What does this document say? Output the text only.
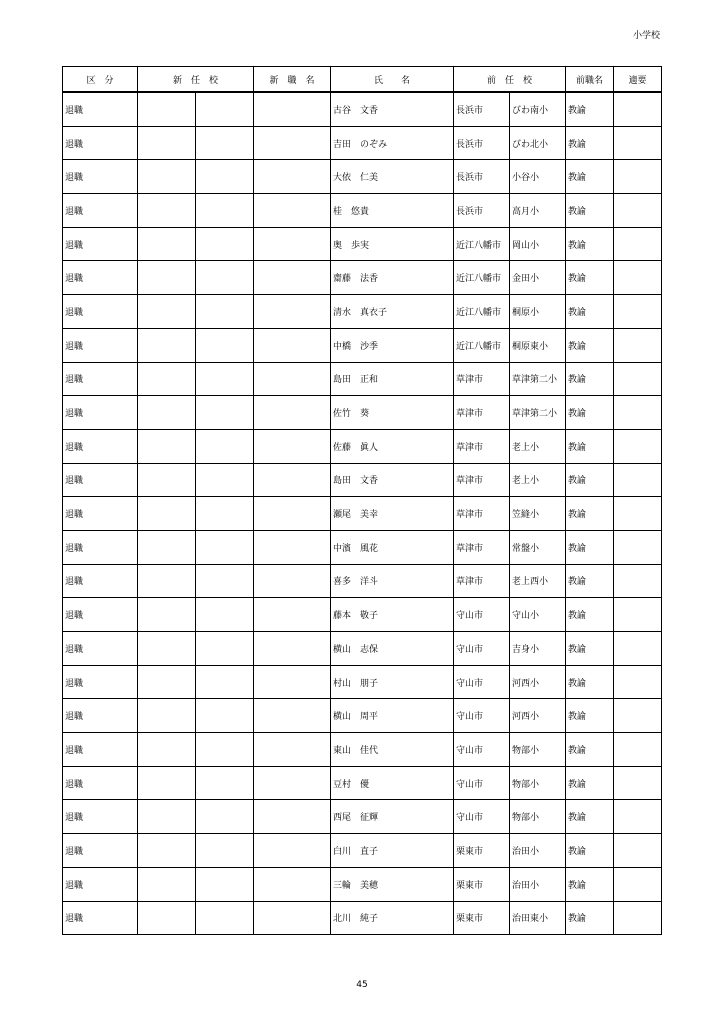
小学校
区　分	新　任　校		新　職　名	氏　　名	前　任　校		前職名	適要
退職				古谷　文香	長浜市	びわ南小	教諭	
退職				吉田　のぞみ	長浜市	びわ北小	教諭	
退職				大依　仁美	長浜市	小谷小	教諭	
退職				桂　悠貴	長浜市	高月小	教諭	
退職				奥　歩実	近江八幡市	岡山小	教諭	
退職				齋藤　法香	近江八幡市	金田小	教諭	
退職				清水　真衣子	近江八幡市	桐原小	教諭	
退職				中橋　沙季	近江八幡市	桐原東小	教諭	
退職				島田　正和	草津市	草津第二小	教諭	
退職				佐竹　葵	草津市	草津第二小	教諭	
退職				佐藤　眞人	草津市	老上小	教諭	
退職				島田　文香	草津市	老上小	教諭	
退職				瀬尾　美幸	草津市	笠縫小	教諭	
退職				中濱　風花	草津市	常盤小	教諭	
退職				喜多　洋斗	草津市	老上西小	教諭	
退職				藤本　敬子	守山市	守山小	教諭	
退職				横山　志保	守山市	吉身小	教諭	
退職				村山　朋子	守山市	河西小	教諭	
退職				横山　周平	守山市	河西小	教諭	
退職				東山　佳代	守山市	物部小	教諭	
退職				豆村　優	守山市	物部小	教諭	
退職				西尾　征輝	守山市	物部小	教諭	
退職				白川　直子	栗東市	治田小	教諭	
退職				三輪　美穂	栗東市	治田小	教諭	
退職				北川　純子	栗東市	治田東小	教諭	
45
